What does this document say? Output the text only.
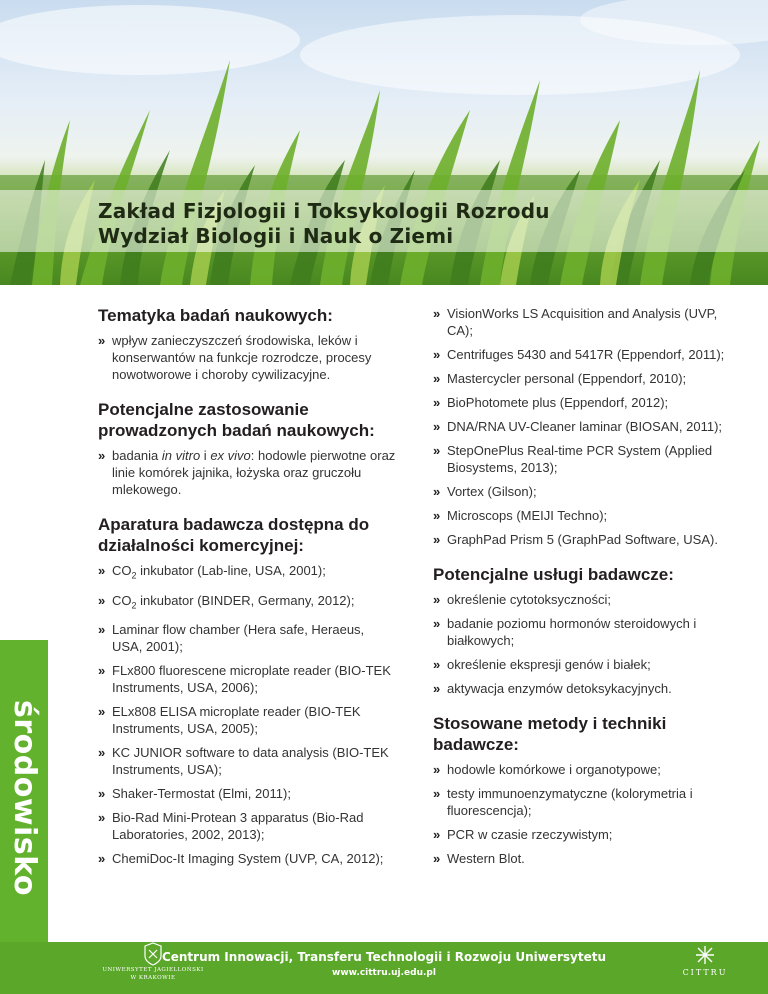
Zakład Fizjologii i Toksykologii Rozrodu
Wydział Biologii i Nauk o Ziemi
środowisko
Tematyka badań naukowych:
» wpływ zanieczyszczeń środowiska, leków i konserwantów na funkcje rozrodcze, procesy nowotworowe i choroby cywilizacyjne.
Potencjalne zastosowanie prowadzonych badań naukowych:
» badania in vitro i ex vivo: hodowle pierwotne oraz linie komórek jajnika, łożyska oraz gruczołu mlekowego.
Aparatura badawcza dostępna do działalności komercyjnej:
» $CO_2$ inkubator (Lab-line, USA, 2001);
» $CO_2$ inkubator (BINDER, Germany, 2012);
» Laminar flow chamber (Hera safe, Heraeus, USA, 2001);
» FLx800 fluorescene microplate reader (BIO-TEK Instruments, USA, 2006);
» ELx808 ELISA microplate reader (BIO-TEK Instruments, USA, 2005);
» KC JUNIOR software to data analysis (BIO-TEK Instruments, USA);
» Shaker-Termostat (Elmi, 2011);
» Bio-Rad Mini-Protean 3 apparatus (Bio-Rad Laboratories, 2002, 2013);
» ChemiDoc-It Imaging System (UVP, CA, 2012);
» VisionWorks LS Acquisition and Analysis (UVP, CA);
» Centrifuges 5430 and 5417R (Eppendorf, 2011);
» Mastercycler personal (Eppendorf, 2010);
» BioPhotomete plus (Eppendorf, 2012);
» DNA/RNA UV-Cleaner laminar (BIOSAN, 2011);
» StepOnePlus Real-time PCR System (Applied Biosystems, 2013);
» Vortex (Gilson);
» Microscops (MEIJI Techno);
» GraphPad Prism 5 (GraphPad Software, USA).
Potencjalne usługi badawcze:
» określenie cytotoksyczności;
» badanie poziomu hormonów steroidowych i białkowych;
» określenie ekspresji genów i białek;
» aktywacja enzymów detoksykacyjnych.
Stosowane metody i techniki badawcze:
» hodowle komórkowe i organotypowe;
» testy immunoenzymatyczne (kolorymetria i fluorescencja);
» PCR w czasie rzeczywistym;
» Western Blot.
UNIWERSYTET JAGIELLOŃSKI
W KRAKOWIE
Centrum Innowacji, Transferu Technologii i Rozwoju Uniwersytetu
www.cittru.uj.edu.pl	CITTRU
